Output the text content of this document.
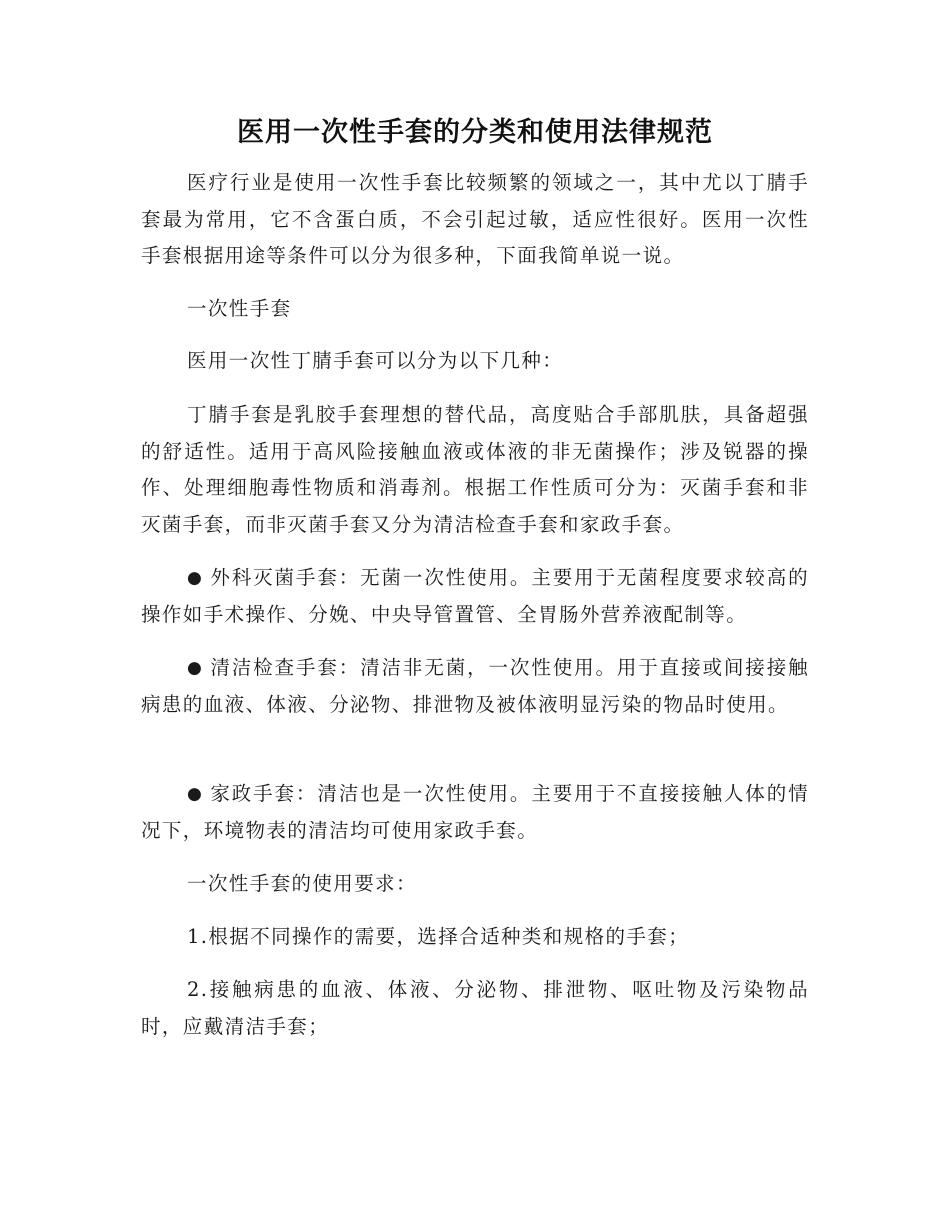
医用一次性手套的分类和使用法律规范

医疗行业是使用一次性手套比较频繁的领域之一，其中尤以丁腈手套最为常用，它不含蛋白质，不会引起过敏，适应性很好。医用一次性手套根据用途等条件可以分为很多种，下面我简单说一说。

一次性手套

医用一次性丁腈手套可以分为以下几种：

丁腈手套是乳胶手套理想的替代品，高度贴合手部肌肤，具备超强的舒适性。适用于高风险接触血液或体液的非无菌操作；涉及锐器的操作、处理细胞毒性物质和消毒剂。根据工作性质可分为：灭菌手套和非灭菌手套，而非灭菌手套又分为清洁检查手套和家政手套。

● 外科灭菌手套：无菌一次性使用。主要用于无菌程度要求较高的操作如手术操作、分娩、中央导管置管、全胃肠外营养液配制等。

● 清洁检查手套：清洁非无菌，一次性使用。用于直接或间接接触病患的血液、体液、分泌物、排泄物及被体液明显污染的物品时使用。

● 家政手套：清洁也是一次性使用。主要用于不直接接触人体的情况下，环境物表的清洁均可使用家政手套。

一次性手套的使用要求：

1.根据不同操作的需要，选择合适种类和规格的手套；

2.接触病患的血液、体液、分泌物、排泄物、呕吐物及污染物品时，应戴清洁手套；
